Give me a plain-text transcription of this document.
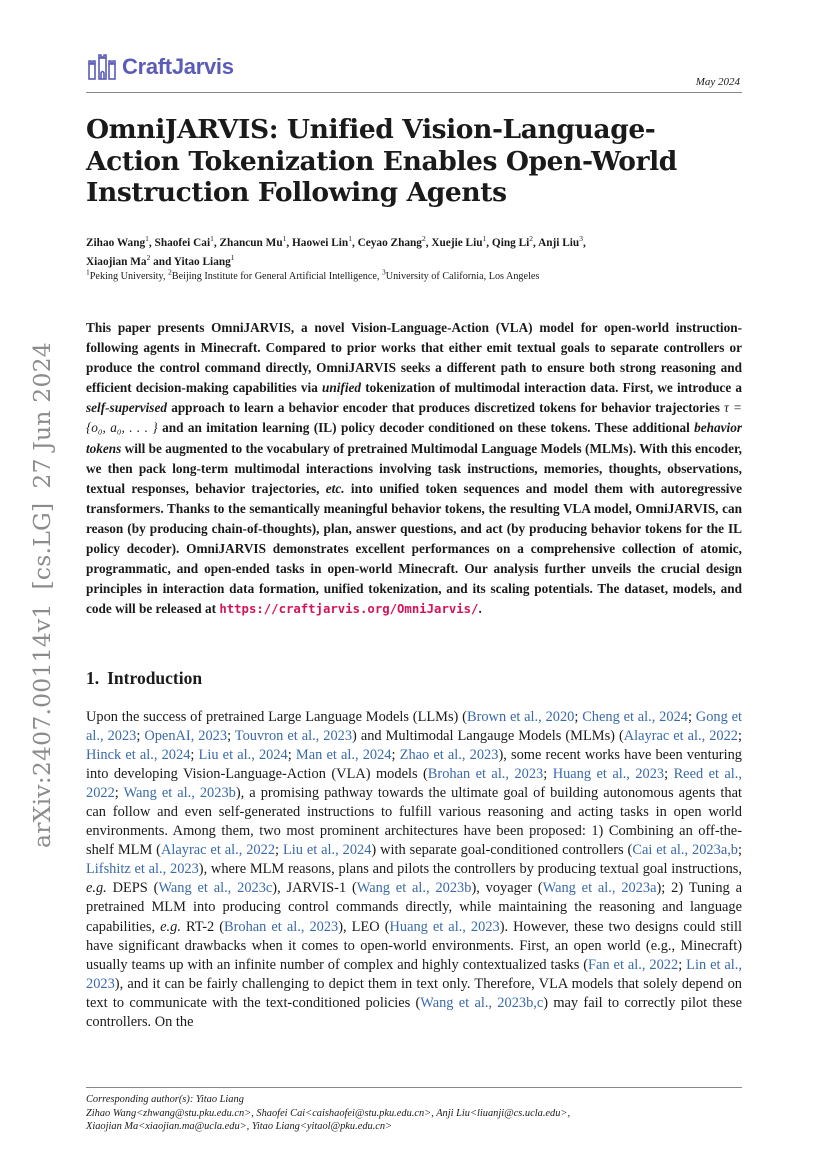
CraftJarvis
May 2024
OmniJARVIS: Unified Vision-Language-Action Tokenization Enables Open-World Instruction Following Agents
Zihao Wang$^1$, Shaofei Cai$^1$, Zhancun Mu$^1$, Haowei Lin$^1$, Ceyao Zhang$^2$, Xuejie Liu$^1$, Qing Li$^2$, Anji Liu$^3$,
Xiaojian Ma$^2$ and Yitao Liang$^1$
$^1$Peking University, $^2$Beijing Institute for General Artificial Intelligence, $^3$University of California, Los Angeles

This paper presents OmniJARVIS, a novel Vision-Language-Action (VLA) model for open-world instruction-following agents in Minecraft. Compared to prior works that either emit textual goals to separate controllers or produce the control command directly, OmniJARVIS seeks a different path to ensure both strong reasoning and efficient decision-making capabilities via unified tokenization of multimodal interaction data. First, we introduce a self-supervised approach to learn a behavior encoder that produces discretized tokens for behavior trajectories τ = {o₀, a₀, . . . } and an imitation learning (IL) policy decoder conditioned on these tokens. These additional behavior tokens will be augmented to the vocabulary of pretrained Multimodal Language Models (MLMs). With this encoder, we then pack long-term multimodal interactions involving task instructions, memories, thoughts, observations, textual responses, behavior trajectories, etc. into unified token sequences and model them with autoregressive transformers. Thanks to the semantically meaningful behavior tokens, the resulting VLA model, OmniJARVIS, can reason (by producing chain-of-thoughts), plan, answer questions, and act (by producing behavior tokens for the IL policy decoder). OmniJARVIS demonstrates excellent performances on a comprehensive collection of atomic, programmatic, and open-ended tasks in open-world Minecraft. Our analysis further unveils the crucial design principles in interaction data formation, unified tokenization, and its scaling potentials. The dataset, models, and code will be released at https://craftjarvis.org/OmniJarvis/.

1. Introduction

Upon the success of pretrained Large Language Models (LLMs) (Brown et al., 2020; Cheng et al., 2024; Gong et al., 2023; OpenAI, 2023; Touvron et al., 2023) and Multimodal Langauge Models (MLMs) (Alayrac et al., 2022; Hinck et al., 2024; Liu et al., 2024; Man et al., 2024; Zhao et al., 2023), some recent works have been venturing into developing Vision-Language-Action (VLA) models (Brohan et al., 2023; Huang et al., 2023; Reed et al., 2022; Wang et al., 2023b), a promising pathway towards the ultimate goal of building autonomous agents that can follow and even self-generated instructions to fulfill various reasoning and acting tasks in open world environments. Among them, two most prominent architectures have been proposed: 1) Combining an off-the-shelf MLM (Alayrac et al., 2022; Liu et al., 2024) with separate goal-conditioned controllers (Cai et al., 2023a,b; Lifshitz et al., 2023), where MLM reasons, plans and pilots the controllers by producing textual goal instructions, e.g. DEPS (Wang et al., 2023c), JARVIS-1 (Wang et al., 2023b), voyager (Wang et al., 2023a); 2) Tuning a pretrained MLM into producing control commands directly, while maintaining the reasoning and language capabilities, e.g. RT-2 (Brohan et al., 2023), LEO (Huang et al., 2023). However, these two designs could still have significant drawbacks when it comes to open-world environments. First, an open world (e.g., Minecraft) usually teams up with an infinite number of complex and highly contextualized tasks (Fan et al., 2022; Lin et al., 2023), and it can be fairly challenging to depict them in text only. Therefore, VLA models that solely depend on text to communicate with the text-conditioned policies (Wang et al., 2023b,c) may fail to correctly pilot these controllers. On the

Corresponding author(s): Yitao Liang
Zihao Wang<zhwang@stu.pku.edu.cn>, Shaofei Cai<caishaofei@stu.pku.edu.cn>, Anji Liu<liuanji@cs.ucla.edu>,
Xiaojian Ma<xiaojian.ma@ucla.edu>, Yitao Liang<yitaol@pku.edu.cn>

arXiv:2407.00114v1[cs.LG]27 Jun 2024
